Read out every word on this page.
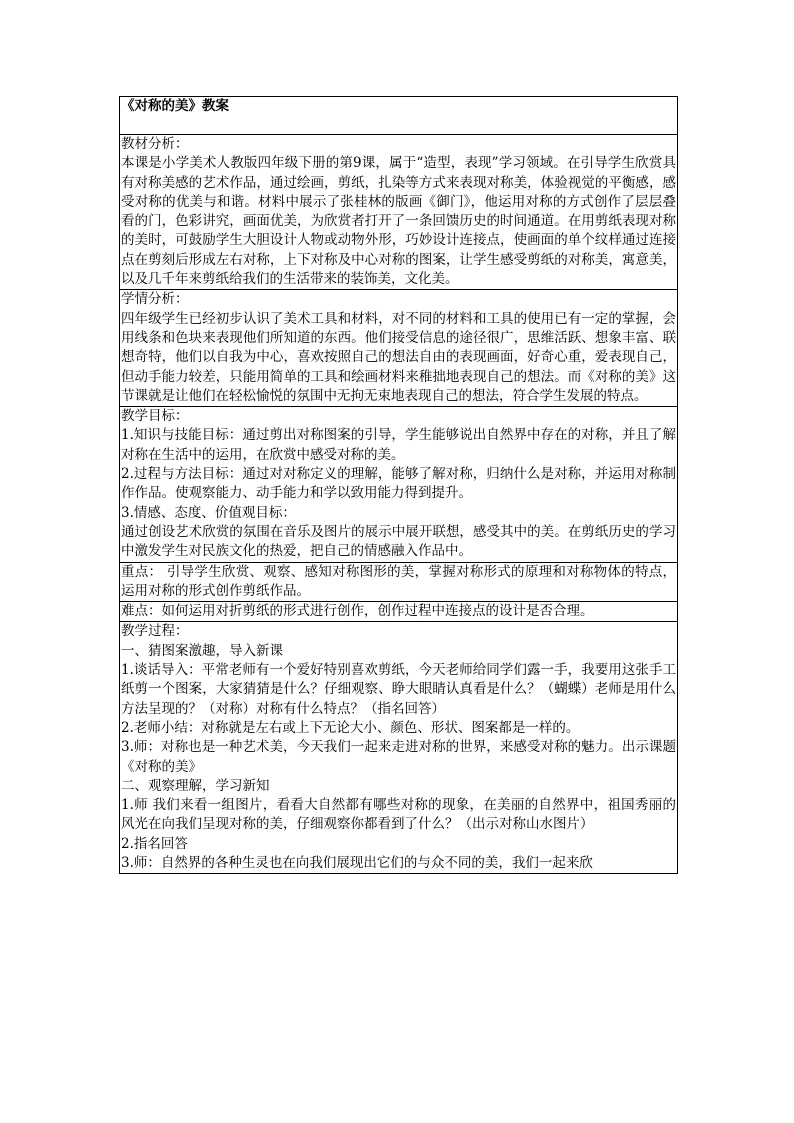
《对称的美》教案

教材分析：
本课是小学美术人教版四年级下册的第9课，属于“造型，表现”学习领域。在引导学生欣赏具有对称美感的艺术作品，通过绘画，剪纸，扎染等方式来表现对称美，体验视觉的平衡感，感受对称的优美与和谐。材料中展示了张桂林的版画《御门》，他运用对称的方式创作了层层叠看的门，色彩讲究，画面优美，为欣赏者打开了一条回馈历史的时间通道。在用剪纸表现对称的美时，可鼓励学生大胆设计人物或动物外形，巧妙设计连接点，使画面的单个纹样通过连接点在剪刻后形成左右对称，上下对称及中心对称的图案，让学生感受剪纸的对称美，寓意美，以及几千年来剪纸给我们的生活带来的装饰美，文化美。

学情分析：
四年级学生已经初步认识了美术工具和材料，对不同的材料和工具的使用已有一定的掌握，会用线条和色块来表现他们所知道的东西。他们接受信息的途径很广，思维活跃、想象丰富、联想奇特，他们以自我为中心，喜欢按照自己的想法自由的表现画面，好奇心重，爱表现自己，但动手能力较差，只能用简单的工具和绘画材料来稚拙地表现自己的想法。而《对称的美》这节课就是让他们在轻松愉悦的氛围中无拘无束地表现自己的想法，符合学生发展的特点。

教学目标：
1.知识与技能目标：通过剪出对称图案的引导，学生能够说出自然界中存在的对称，并且了解对称在生活中的运用，在欣赏中感受对称的美。
2.过程与方法目标：通过对对称定义的理解，能够了解对称，归纳什么是对称，并运用对称制作作品。使观察能力、动手能力和学以致用能力得到提升。
3.情感、态度、价值观目标：
通过创设艺术欣赏的氛围在音乐及图片的展示中展开联想，感受其中的美。在剪纸历史的学习中激发学生对民族文化的热爱，把自己的情感融入作品中。

重点： 引导学生欣赏、观察、感知对称图形的美，掌握对称形式的原理和对称物体的特点，运用对称的形式创作剪纸作品。

难点：如何运用对折剪纸的形式进行创作，创作过程中连接点的设计是否合理。

教学过程：
一、猜图案激趣，导入新课
1.谈话导入：平常老师有一个爱好特别喜欢剪纸，今天老师给同学们露一手，我要用这张手工纸剪一个图案，大家猜猜是什么？仔细观察、睁大眼睛认真看是什么？（蝴蝶）老师是用什么方法呈现的？（对称）对称有什么特点？（指名回答）
2.老师小结：对称就是左右或上下无论大小、颜色、形状、图案都是一样的。
3.师：对称也是一种艺术美，今天我们一起来走进对称的世界，来感受对称的魅力。出示课题《对称的美》
二、观察理解，学习新知
1.师 我们来看一组图片，看看大自然都有哪些对称的现象，在美丽的自然界中，祖国秀丽的风光在向我们呈现对称的美，仔细观察你都看到了什么？（出示对称山水图片）
2.指名回答
3.师：自然界的各种生灵也在向我们展现出它们的与众不同的美，我们一起来欣
